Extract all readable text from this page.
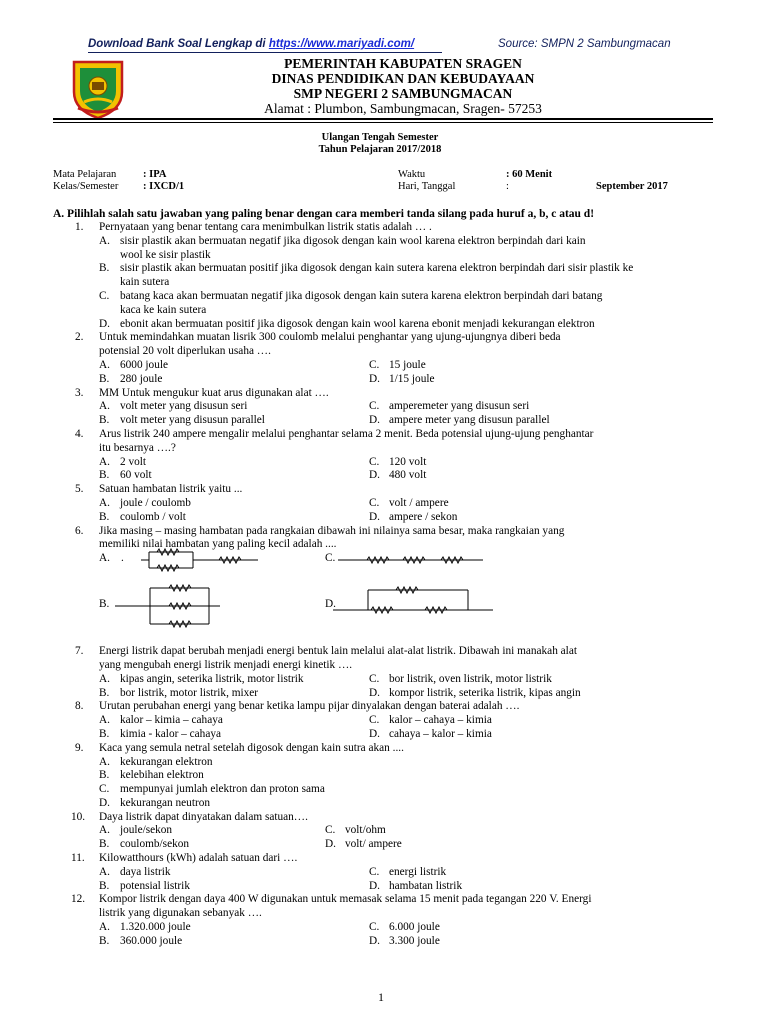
Download Bank Soal Lengkap di https://www.mariyadi.com/	Source: SMPN 2 Sambungmacan
PEMERINTAH KABUPATEN SRAGEN
DINAS PENDIDIKAN DAN KEBUDAYAAN
SMP NEGERI 2 SAMBUNGMACAN
Alamat : Plumbon, Sambungmacan, Sragen- 57253
Ulangan Tengah Semester
Tahun Pelajaran 2017/2018
Mata Pelajaran	: IPA
Kelas/Semester : IXCD/1
Waktu	: 60 Menit
Hari, Tanggal	:	September 2017
A. Pilihlah salah satu jawaban yang paling benar dengan cara memberi tanda silang pada huruf a, b, c atau d!
1. Pernyataan yang benar tentang cara menimbulkan listrik statis adalah … .
A. sisir plastik akan bermuatan negatif jika digosok dengan kain wool karena elektron berpindah dari kain
wool ke sisir plastik
B. sisir plastik akan bermuatan positif jika digosok dengan kain sutera karena elektron berpindah dari sisir plastik ke
kain sutera
C. batang kaca akan bermuatan negatif jika digosok dengan kain sutera karena elektron berpindah dari batang
kaca ke kain sutera
D. ebonit akan bermuatan positif jika digosok dengan kain wool karena ebonit menjadi kekurangan elektron
2. Untuk memindahkan muatan lisrik 300 coulomb melalui penghantar yang ujung-ujungnya diberi beda
potensial 20 volt diperlukan usaha ….
A. 6000 joule	C. 15 joule
B. 280 joule	D. 1/15 joule
3. MM Untuk mengukur kuat arus digunakan alat ….
A. volt meter yang disusun seri	C. amperemeter yang disusun seri
B. volt meter yang disusun parallel	D. ampere meter yang disusun parallel
4. Arus listrik 240 ampere mengalir melalui penghantar selama 2 menit. Beda potensial ujung-ujung penghantar
itu besarnya ….?
A. 2 volt	C. 120 volt
B. 60 volt	D. 480 volt
5. Satuan hambatan listrik yaitu ...
A. joule / coulomb	C. volt / ampere
B. coulomb / volt	D. ampere / sekon
6. Jika masing – masing hambatan pada rangkaian dibawah ini nilainya sama besar, maka rangkaian yang
memiliki nilai hambatan yang paling kecil adalah ....
A. .	C.
B.	D.
7. Energi listrik dapat berubah menjadi energi bentuk lain melalui alat-alat listrik. Dibawah ini manakah alat
yang mengubah energi listrik menjadi energi kinetik ….
A. kipas angin, seterika listrik, motor listrik	C. bor listrik, oven listrik, motor listrik
B. bor listrik, motor listrik, mixer	D. kompor listrik, seterika listrik, kipas angin
8. Urutan perubahan energi yang benar ketika lampu pijar dinyalakan dengan baterai adalah ….
A. kalor – kimia – cahaya	C. kalor – cahaya – kimia
B. kimia - kalor – cahaya	D. cahaya – kalor – kimia
9. Kaca yang semula netral setelah digosok dengan kain sutra akan ....
A. kekurangan elektron
B. kelebihan elektron
C. mempunyai jumlah elektron dan proton sama
D. kekurangan neutron
10. Daya listrik dapat dinyatakan dalam satuan….
A. joule/sekon	C. volt/ohm
B. coulomb/sekon	D. volt/ ampere
11. Kilowatthours (kWh) adalah satuan dari ….
A. daya listrik	C. energi listrik
B. potensial listrik	D. hambatan listrik
12. Kompor listrik dengan daya 400 W digunakan untuk memasak selama 15 menit pada tegangan 220 V. Energi
listrik yang digunakan sebanyak ….
A. 1.320.000 joule	C. 6.000 joule
B. 360.000 joule	D. 3.300 joule
1
